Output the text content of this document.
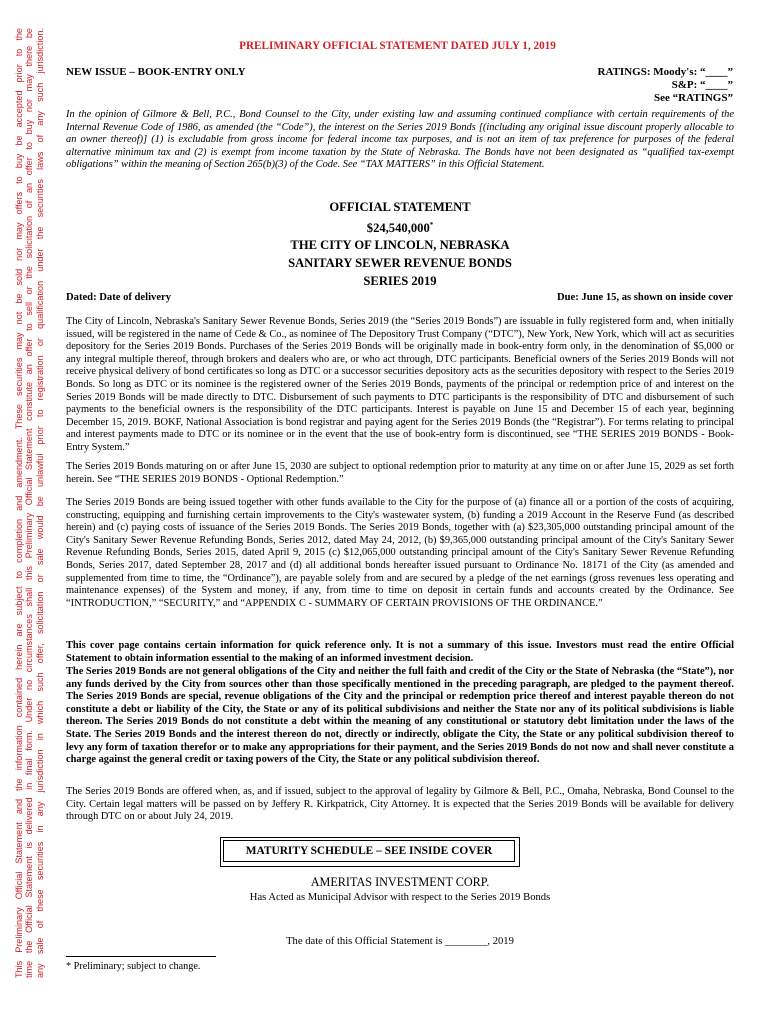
This Preliminary Official Statement and the information contained herein are subject to completion and amendment. These securities may not be sold nor may offers to buy be accepted prior to the time the Official Statement is delivered in final form. Under no circumstances shall this Preliminary Official Statement constitute an offer to sell or the solicitation of an offer to buy nor may there be any sale of these securities in any jurisdiction in which such offer, solicitation or sale would be unlawful prior to registration or qualification under the securities laws of any such jurisdiction.	PRELIMINARY OFFICIAL STATEMENT DATED JULY 1, 2019
NEW ISSUE – BOOK-ENTRY ONLY	RATINGS: Moody's: “____”
S&P: “____”
See “RATINGS”
In the opinion of Gilmore & Bell, P.C., Bond Counsel to the City, under existing law and assuming continued compliance with certain requirements of the Internal Revenue Code of 1986, as amended (the “Code”), the interest on the Series 2019 Bonds [(including any original issue discount properly allocable to an owner thereof)] (1) is excludable from gross income for federal income tax purposes, and is not an item of tax preference for purposes of the federal alternative minimum tax and (2) is exempt from income taxation by the State of Nebraska. The Bonds have not been designated as “qualified tax-exempt obligations” within the meaning of Section 265(b)(3) of the Code. See “TAX MATTERS” in this Official Statement.
OFFICIAL STATEMENT
$24,540,000*
THE CITY OF LINCOLN, NEBRASKA
SANITARY SEWER REVENUE BONDS
SERIES 2019
Dated: Date of delivery	Due: June 15, as shown on inside cover
The City of Lincoln, Nebraska's Sanitary Sewer Revenue Bonds, Series 2019 (the “Series 2019 Bonds”) are issuable in fully registered form and, when initially issued, will be registered in the name of Cede & Co., as nominee of The Depository Trust Company (“DTC”), New York, New York, which will act as securities depository for the Series 2019 Bonds. Purchases of the Series 2019 Bonds will be originally made in book-entry form only, in the denomination of $5,000 or any integral multiple thereof, through brokers and dealers who are, or who act through, DTC participants. Beneficial owners of the Series 2019 Bonds will not receive physical delivery of bond certificates so long as DTC or a successor securities depository acts as the securities depository with respect to the Series 2019 Bonds. So long as DTC or its nominee is the registered owner of the Series 2019 Bonds, payments of the principal or redemption price of and interest on the Series 2019 Bonds will be made directly to DTC. Disbursement of such payments to DTC participants is the responsibility of DTC and disbursement of such payments to the beneficial owners is the responsibility of the DTC participants. Interest is payable on June 15 and December 15 of each year, beginning December 15, 2019. BOKF, National Association is bond registrar and paying agent for the Series 2019 Bonds (the “Registrar”). For terms relating to principal and interest payments made to DTC or its nominee or in the event that the use of book-entry form is discontinued, see “THE SERIES 2019 BONDS - Book-Entry System.”
The Series 2019 Bonds maturing on or after June 15, 2030 are subject to optional redemption prior to maturity at any time on or after June 15, 2029 as set forth herein. See “THE SERIES 2019 BONDS - Optional Redemption.”
The Series 2019 Bonds are being issued together with other funds available to the City for the purpose of (a) finance all or a portion of the costs of acquiring, constructing, equipping and furnishing certain improvements to the City's wastewater system, (b) funding a 2019 Account in the Reserve Fund (as described herein) and (c) paying costs of issuance of the Series 2019 Bonds. The Series 2019 Bonds, together with (a) $23,305,000 outstanding principal amount of the City's Sanitary Sewer Revenue Refunding Bonds, Series 2012, dated May 24, 2012, (b) $9,365,000 outstanding principal amount of the City's Sanitary Sewer Revenue Refunding Bonds, Series 2015, dated April 9, 2015 (c) $12,065,000 outstanding principal amount of the City's Sanitary Sewer Revenue Refunding Bonds, Series 2017, dated September 28, 2017 and (d) all additional bonds hereafter issued pursuant to Ordinance No. 18171 of the City (as amended and supplemented from time to time, the “Ordinance”), are payable solely from and are secured by a pledge of the net earnings (gross revenues less operating and maintenance expenses) of the System and money, if any, from time to time on deposit in certain funds and accounts created by the Ordinance. See “INTRODUCTION,” “SECURITY,” and “APPENDIX C - SUMMARY OF CERTAIN PROVISIONS OF THE ORDINANCE.”
This cover page contains certain information for quick reference only. It is not a summary of this issue. Investors must read the entire Official Statement to obtain information essential to the making of an informed investment decision.
The Series 2019 Bonds are not general obligations of the City and neither the full faith and credit of the City or the State of Nebraska (the “State”), nor any funds derived by the City from sources other than those specifically mentioned in the preceding paragraph, are pledged to the payment thereof. The Series 2019 Bonds are special, revenue obligations of the City and the principal or redemption price thereof and interest payable thereon do not constitute a debt or liability of the City, the State or any of its political subdivisions and neither the State nor any of its political subdivisions is liable thereon. The Series 2019 Bonds do not constitute a debt within the meaning of any constitutional or statutory debt limitation under the laws of the State. The Series 2019 Bonds and the interest thereon do not, directly or indirectly, obligate the City, the State or any political subdivision thereof to levy any form of taxation therefor or to make any appropriations for their payment, and the Series 2019 Bonds do not now and shall never constitute a charge against the general credit or taxing powers of the City, the State or any political subdivision thereof.
The Series 2019 Bonds are offered when, as, and if issued, subject to the approval of legality by Gilmore & Bell, P.C., Omaha, Nebraska, Bond Counsel to the City. Certain legal matters will be passed on by Jeffery R. Kirkpatrick, City Attorney. It is expected that the Series 2019 Bonds will be available for delivery through DTC on or about July 24, 2019.
MATURITY SCHEDULE – SEE INSIDE COVER
AMERITAS INVESTMENT CORP.
Has Acted as Municipal Advisor with respect to the Series 2019 Bonds
The date of this Official Statement is ________, 2019
* Preliminary; subject to change.
